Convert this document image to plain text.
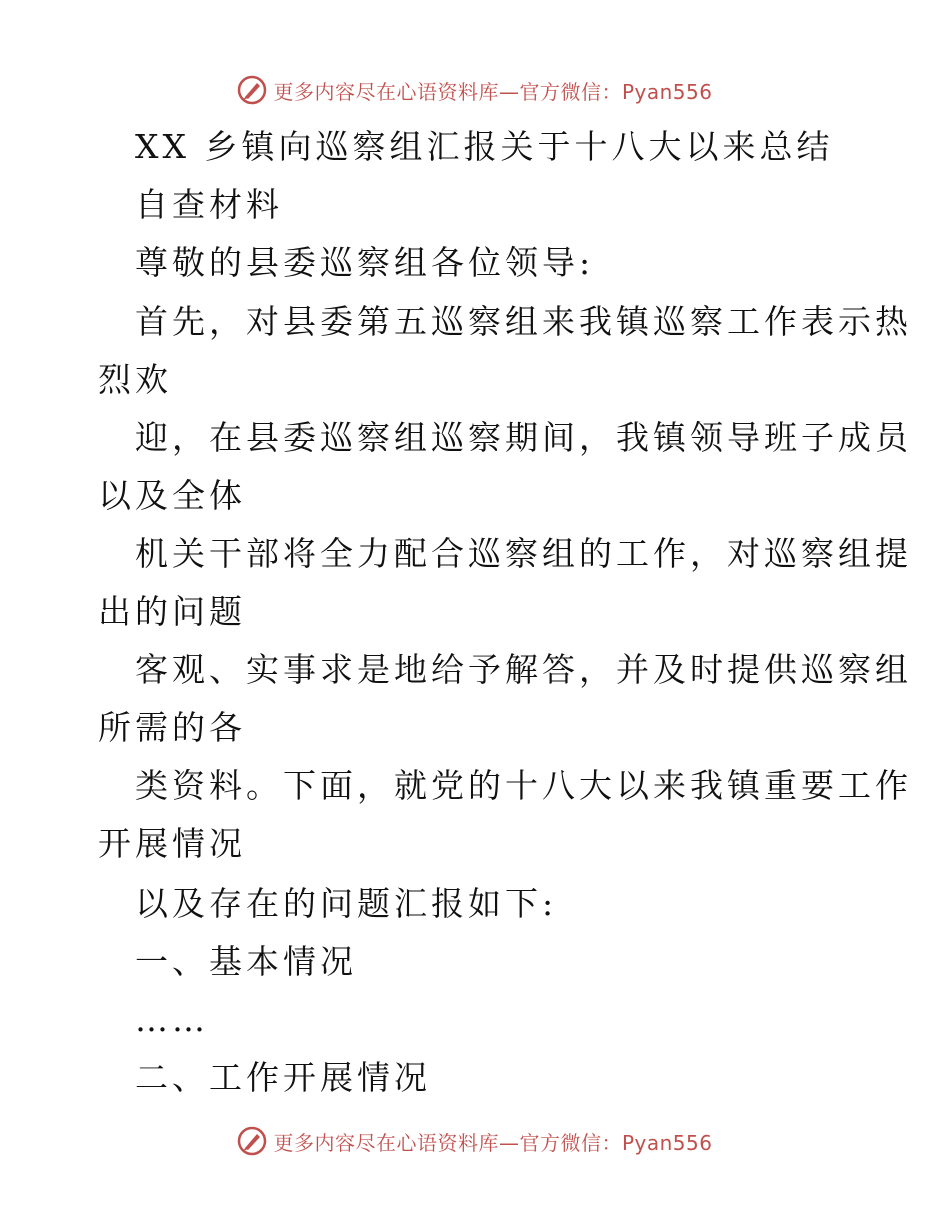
更多内容尽在心语资料库—官方微信：Pyan556
XX 乡镇向巡察组汇报关于十八大以来总结
自查材料
尊敬的县委巡察组各位领导:
首先，对县委第五巡察组来我镇巡察工作表示热
烈欢
迎，在县委巡察组巡察期间，我镇领导班子成员
以及全体
机关干部将全力配合巡察组的工作，对巡察组提
出的问题
客观、实事求是地给予解答，并及时提供巡察组
所需的各
类资料。下面，就党的十八大以来我镇重要工作
开展情况
以及存在的问题汇报如下:
一、基本情况
……
二、工作开展情况
更多内容尽在心语资料库—官方微信：Pyan556
